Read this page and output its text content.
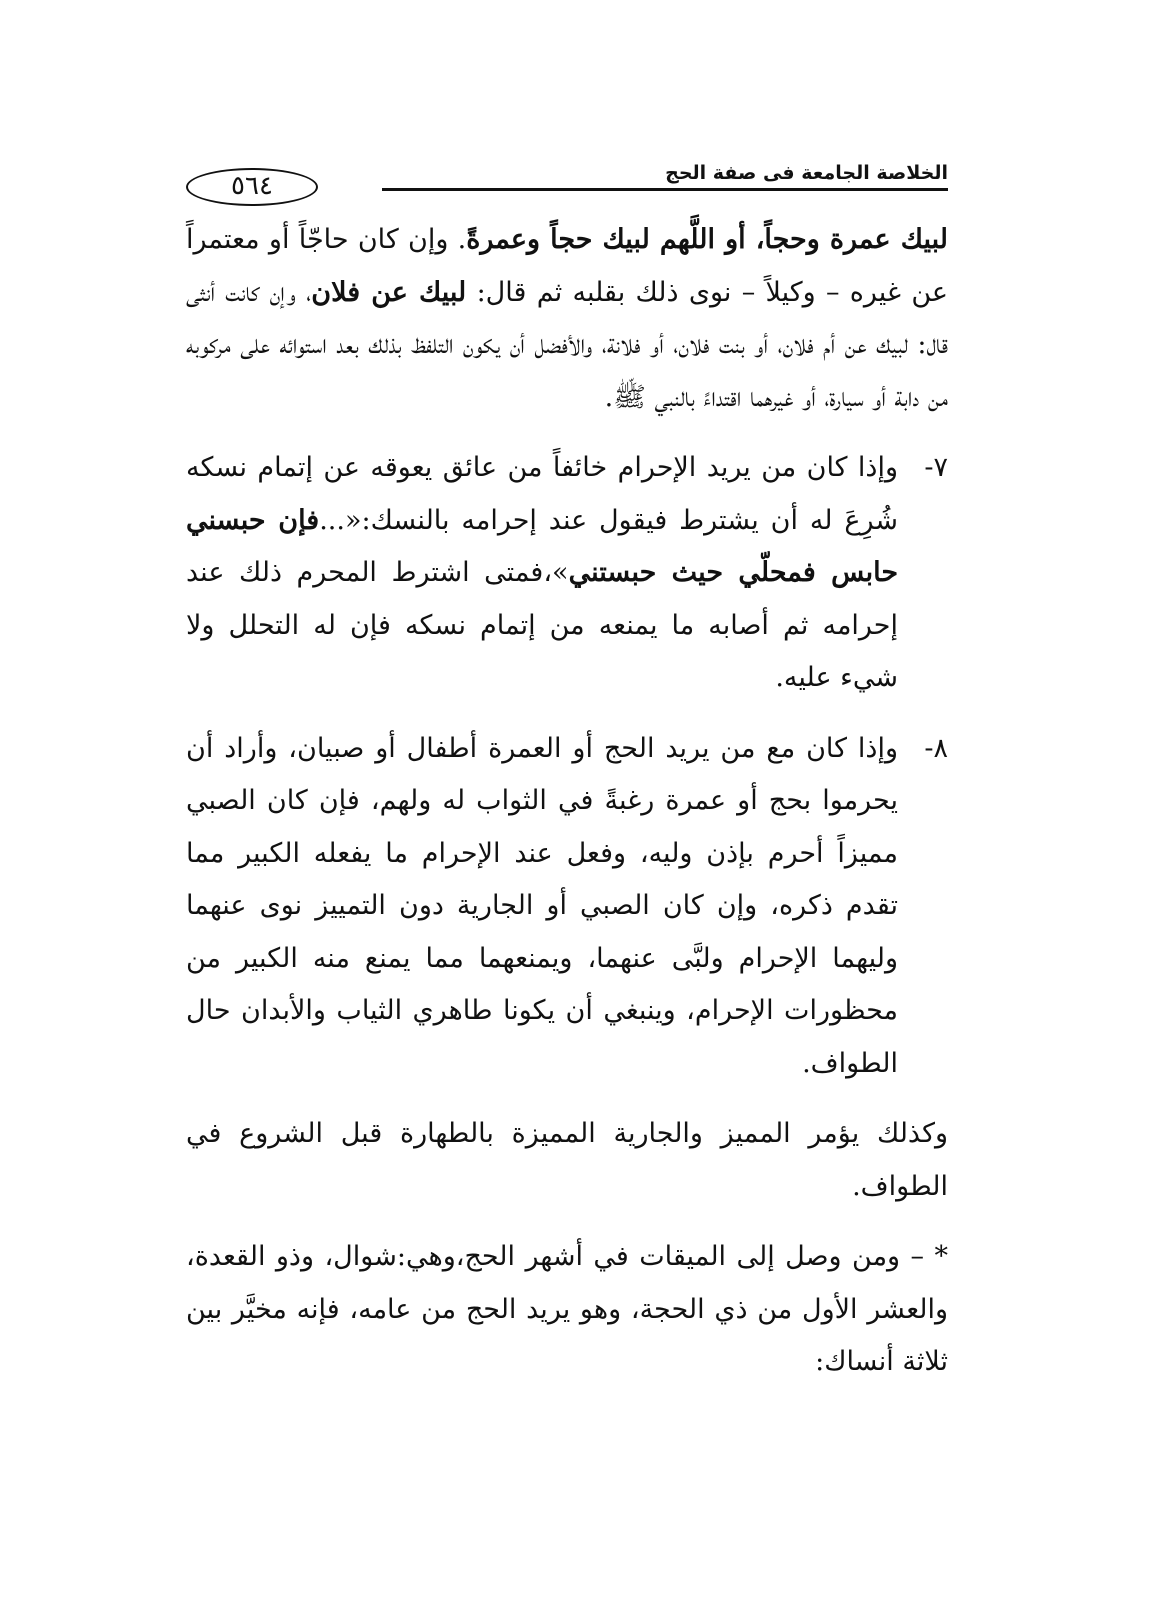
الخلاصة الجامعة فى صفة الحج
٥٦٤

لبيك عمرة وحجاً، أو اللَّهم لبيك حجاً وعمرةً. وإن كان حاجّاً أو معتمراً عن غيره – وكيلاً – نوى ذلك بقلبه ثم قال: لبيك عن فلان، وإن كانت أنثى قال: لبيك عن أم فلان، أو بنت فلان، أو فلانة، والأفضل أن يكون التلفظ بذلك بعد استوائه على مركوبه من دابة أو سيارة، أو غيرهما اقتداءً بالنبي ﷺ.

٧-
وإذا كان من يريد الإحرام خائفاً من عائق يعوقه عن إتمام نسكه شُرِعَ له أن يشترط فيقول عند إحرامه بالنسك:«...فإن حبسني حابس فمحلّي حيث حبستني»،فمتى اشترط المحرم ذلك عند إحرامه ثم أصابه ما يمنعه من إتمام نسكه فإن له التحلل ولا شيء عليه.

٨-
وإذا كان مع من يريد الحج أو العمرة أطفال أو صبيان، وأراد أن يحرموا بحج أو عمرة رغبةً في الثواب له ولهم، فإن كان الصبي مميزاً أحرم بإذن وليه، وفعل عند الإحرام ما يفعله الكبير مما تقدم ذكره، وإن كان الصبي أو الجارية دون التمييز نوى عنهما وليهما الإحرام ولبَّى عنهما، ويمنعهما مما يمنع منه الكبير من محظورات الإحرام، وينبغي أن يكونا طاهري الثياب والأبدان حال الطواف.

وكذلك يؤمر المميز والجارية المميزة بالطهارة قبل الشروع في الطواف.

* – ومن وصل إلى الميقات في أشهر الحج،وهي:شوال، وذو القعدة، والعشر الأول من ذي الحجة، وهو يريد الحج من عامه، فإنه مخيَّر بين ثلاثة أنساك:
